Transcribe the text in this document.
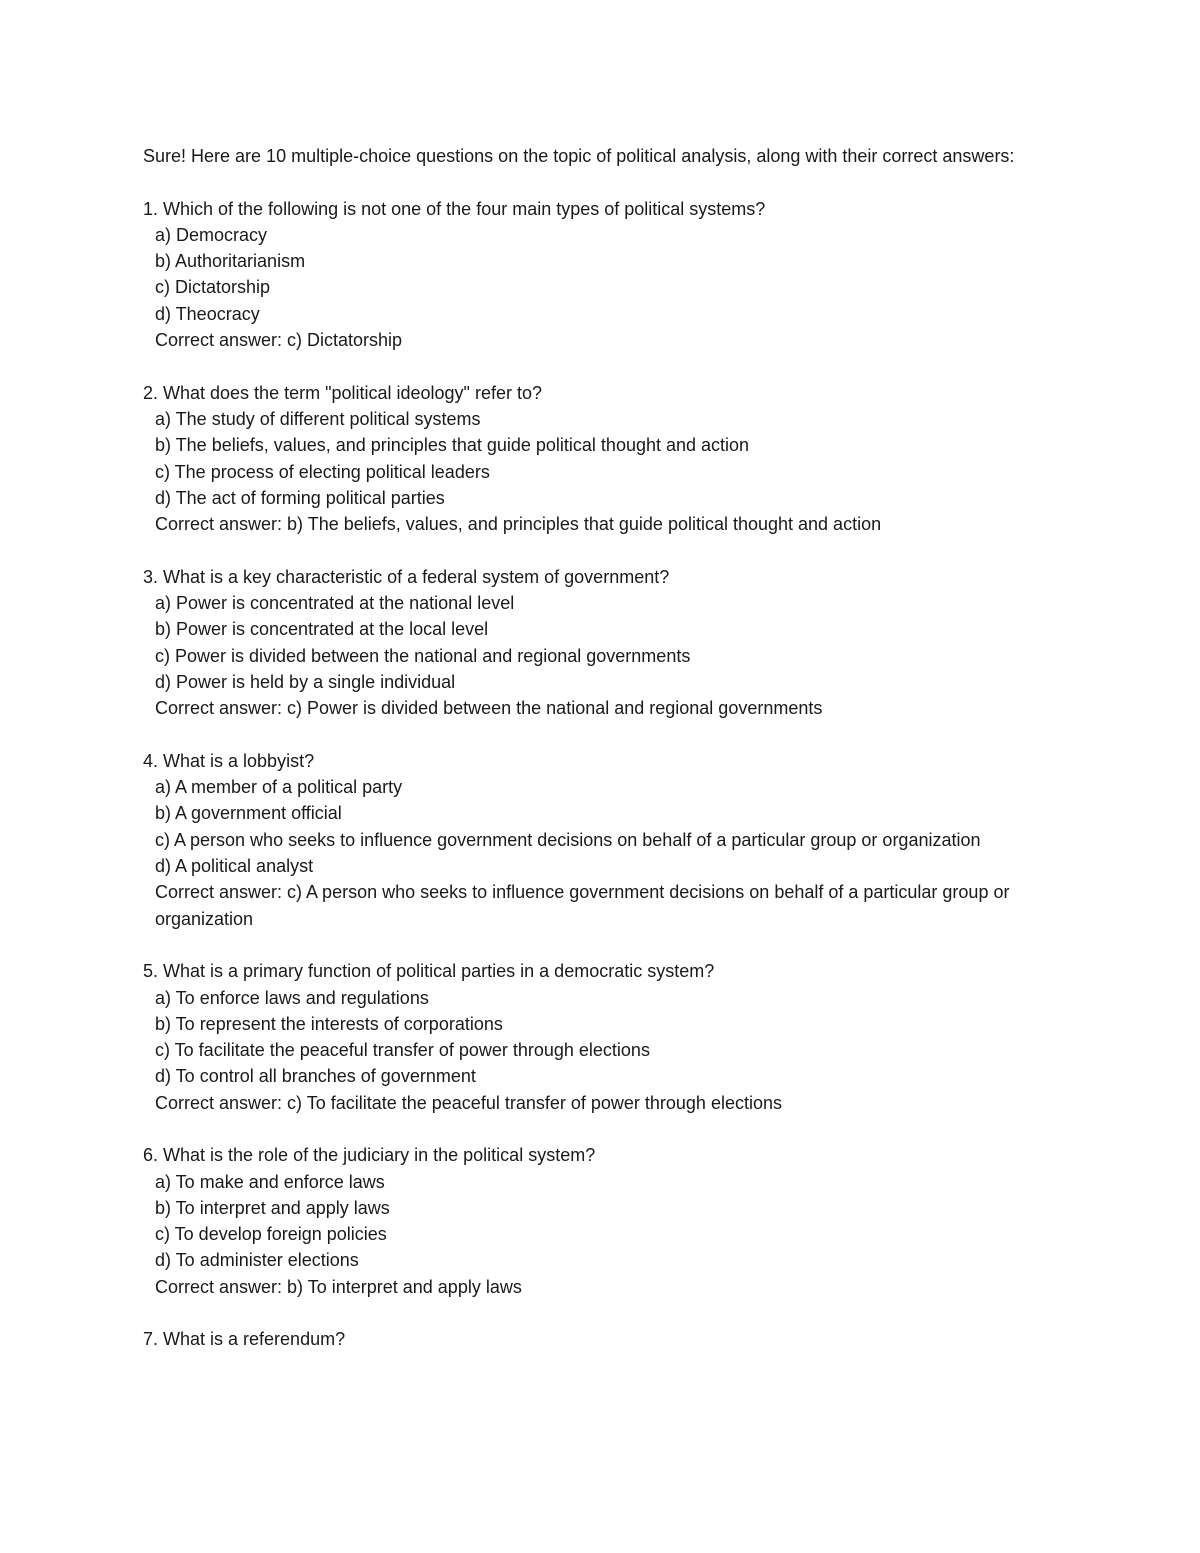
Sure! Here are 10 multiple-choice questions on the topic of political analysis, along with their correct answers:

1. Which of the following is not one of the four main types of political systems?

a) Democracy

b) Authoritarianism

c) Dictatorship

d) Theocracy

Correct answer: c) Dictatorship

2. What does the term "political ideology" refer to?

a) The study of different political systems

b) The beliefs, values, and principles that guide political thought and action

c) The process of electing political leaders

d) The act of forming political parties

Correct answer: b) The beliefs, values, and principles that guide political thought and action

3. What is a key characteristic of a federal system of government?

a) Power is concentrated at the national level

b) Power is concentrated at the local level

c) Power is divided between the national and regional governments

d) Power is held by a single individual

Correct answer: c) Power is divided between the national and regional governments

4. What is a lobbyist?

a) A member of a political party

b) A government official

c) A person who seeks to influence government decisions on behalf of a particular group or organization

d) A political analyst

Correct answer: c) A person who seeks to influence government decisions on behalf of a particular group or organization

5. What is a primary function of political parties in a democratic system?

a) To enforce laws and regulations

b) To represent the interests of corporations

c) To facilitate the peaceful transfer of power through elections

d) To control all branches of government

Correct answer: c) To facilitate the peaceful transfer of power through elections

6. What is the role of the judiciary in the political system?

a) To make and enforce laws

b) To interpret and apply laws

c) To develop foreign policies

d) To administer elections

Correct answer: b) To interpret and apply laws

7. What is a referendum?
